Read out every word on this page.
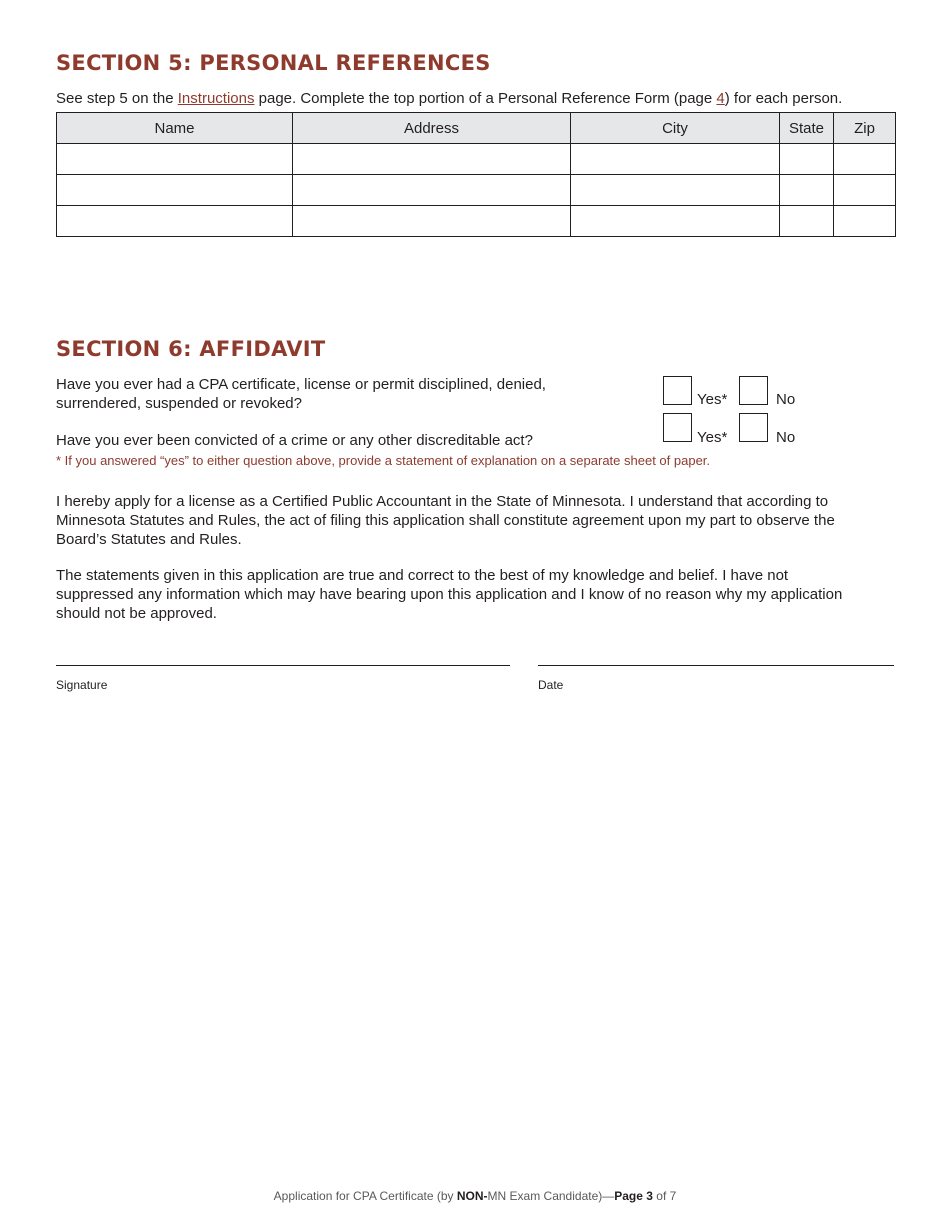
SECTION 5: PERSONAL REFERENCES
See step 5 on the Instructions page. Complete the top portion of a Personal Reference Form (page 4) for each person.
Name	Address	City	State	Zip

SECTION 6: AFFIDAVIT
Have you ever had a CPA certificate, license or permit disciplined, denied,
surrendered, suspended or revoked?	Yes*	No
Have you ever been convicted of a crime or any other discreditable act?	Yes*	No
* If you answered “yes” to either question above, provide a statement of explanation on a separate sheet of paper.
I hereby apply for a license as a Certified Public Accountant in the State of Minnesota. I understand that according to
Minnesota Statutes and Rules, the act of filing this application shall constitute agreement upon my part to observe the
Board’s Statutes and Rules.
The statements given in this application are true and correct to the best of my knowledge and belief. I have not
suppressed any information which may have bearing upon this application and I know of no reason why my application
should not be approved.
Signature	Date
Application for CPA Certificate (by NON-MN Exam Candidate)—Page 3 of 7
